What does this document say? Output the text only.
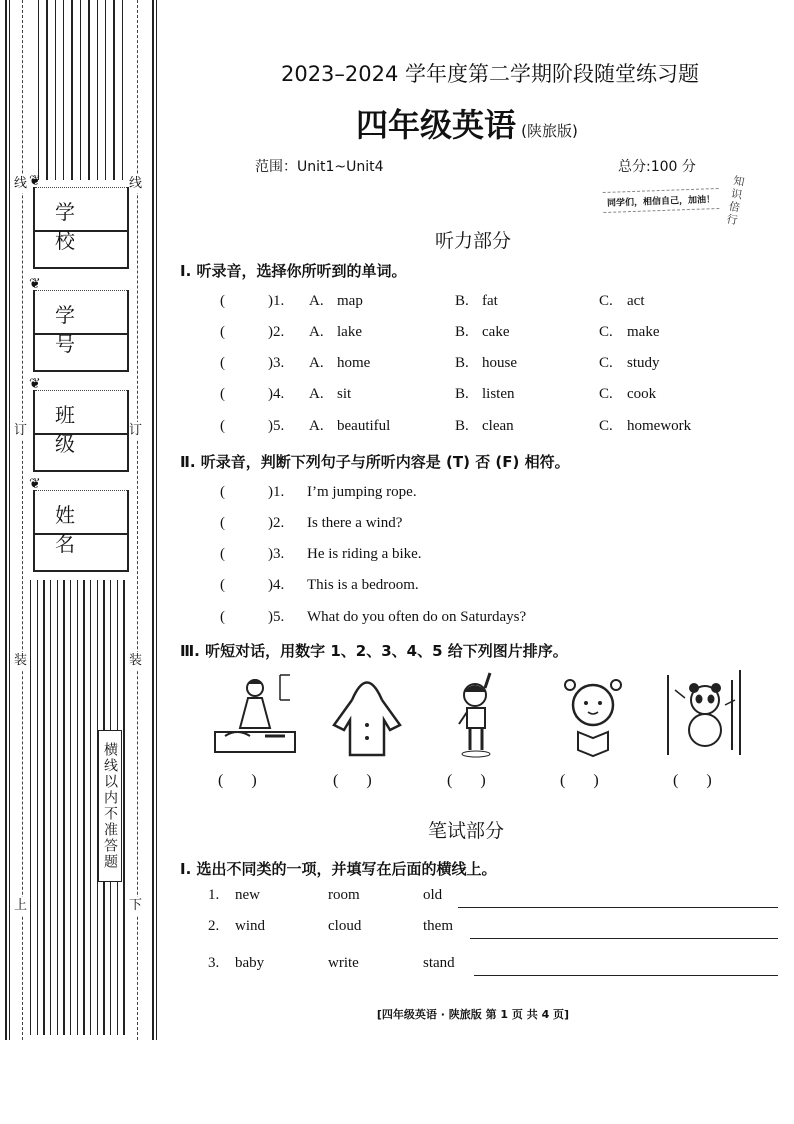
线
订
装
上
线
订
装
下
学 校
❦
学 号
❦
班 级
❦
姓 名
❦
横线以内不准答题
2023–2024 学年度第二学期阶段随堂练习题
四年级英语 (陕旅版)
范围：Unit1~Unit4	总分:100 分
同学们，相信自己，加油！
知识 倍行
听力部分
Ⅰ. 听录音，选择你所听到的单词。
(	)1. A. map	B. fat	C. act
(	)2. A. lake	B. cake	C. make
(	)3. A. home	B. house	C. study
(	)4. A. sit	B. listen	C. cook
(	)5. A. beautiful	B. clean	C. homework
Ⅱ. 听录音，判断下列句子与所听内容是 (T) 否 (F) 相符。
(	)1. I’m jumping rope.
(	)2. Is there a wind?
(	)3. He is riding a bike.
(	)4. This is a bedroom.
(	)5. What do you often do on Saturdays?
Ⅲ. 听短对话，用数字 1、2、3、4、5 给下列图片排序。
(       )	(       )	(       )	(       )	(       )
笔试部分
Ⅰ. 选出不同类的一项，并填写在后面的横线上。
1. new	room	old
2. wind	cloud	them
3. baby	write	stand
[四年级英语 · 陕旅版 第 1 页 共 4 页]
